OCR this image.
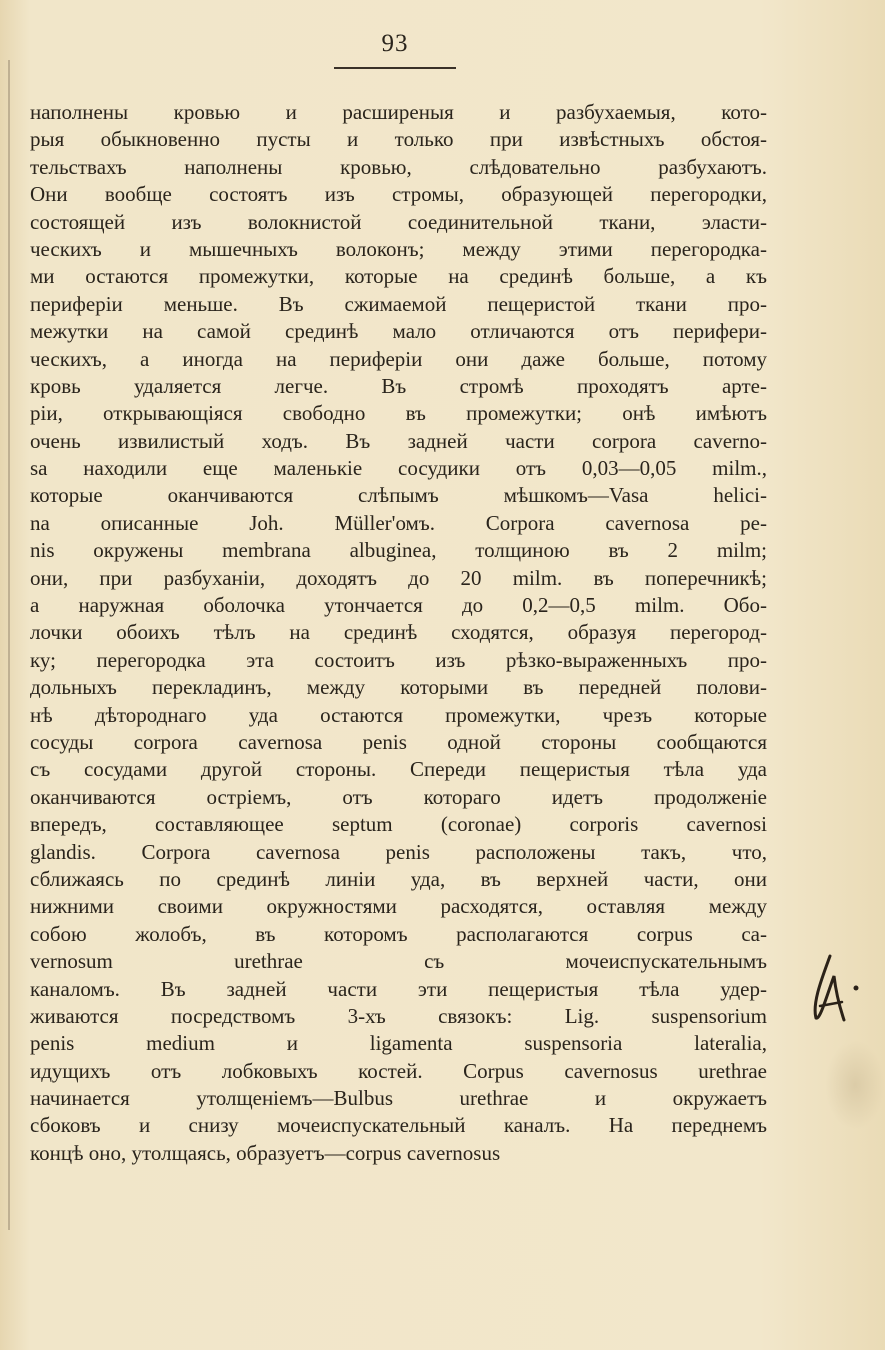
93
наполнены кровью и расширеныя и разбухаемыя, кото-
рыя обыкновенно пусты и только при извѣстныхъ обстоя-
тельствахъ наполнены кровью, слѣдовательно разбухаютъ.
Они вообще состоятъ изъ стромы, образующей перегородки,
состоящей изъ волокнистой соединительной ткани, эласти-
ческихъ и мышечныхъ волоконъ; между этими перегородка-
ми остаются промежутки, которые на срединѣ больше, а къ
периферіи меньше. Въ сжимаемой пещеристой ткани про-
межутки на самой срединѣ мало отличаются отъ перифери-
ческихъ, а иногда на периферіи они даже больше, потому
кровь удаляется легче. Въ стромѣ проходятъ арте-
ріи, открывающіяся свободно въ промежутки; онѣ имѣютъ
очень извилистый ходъ. Въ задней части corpora caverno-
sa находили еще маленькіе сосудики отъ 0,03—0,05 milm.,
которые оканчиваются слѣпымъ мѣшкомъ—Vasa helici-
na описанные Joh. Müller'омъ. Corpora cavernosa pe-
nis окружены membrana albuginea, толщиною въ 2 milm;
они, при разбуханіи, доходятъ до 20 milm. въ поперечникѣ;
а наружная оболочка утончается до 0,2—0,5 milm. Обо-
лочки обоихъ тѣлъ на срединѣ сходятся, образуя перегород-
ку; перегородка эта состоитъ изъ рѣзко-выраженныхъ про-
дольныхъ перекладинъ, между которыми въ передней полови-
нѣ дѣтороднаго уда остаются промежутки, чрезъ которые
сосуды corpora cavernosa penis одной стороны сообщаются
съ сосудами другой стороны. Спереди пещеристыя тѣла уда
оканчиваются остріемъ, отъ котораго идетъ продолженіе
впередъ, составляющее septum (coronae) corporis cavernosi
glandis. Corpora cavernosa penis расположены такъ, что,
сближаясь по срединѣ линіи уда, въ верхней части, они
нижними своими окружностями расходятся, оставляя между
собою жолобъ, въ которомъ располагаются corpus ca-
vernosum urethrae съ мочеиспускательнымъ
каналомъ. Въ задней части эти пещеристыя тѣла удер-
живаются посредствомъ 3-хъ связокъ: Lig. suspensorium
penis medium и ligamenta suspensoria lateralia,
идущихъ отъ лобковыхъ костей. Corpus cavernosus urethrae
начинается утолщеніемъ—Bulbus urethrae и окружаетъ
сбоковъ и снизу мочеиспускательный каналъ. На переднемъ
концѣ оно, утолщаясь, образуетъ—corpus cavernosus
